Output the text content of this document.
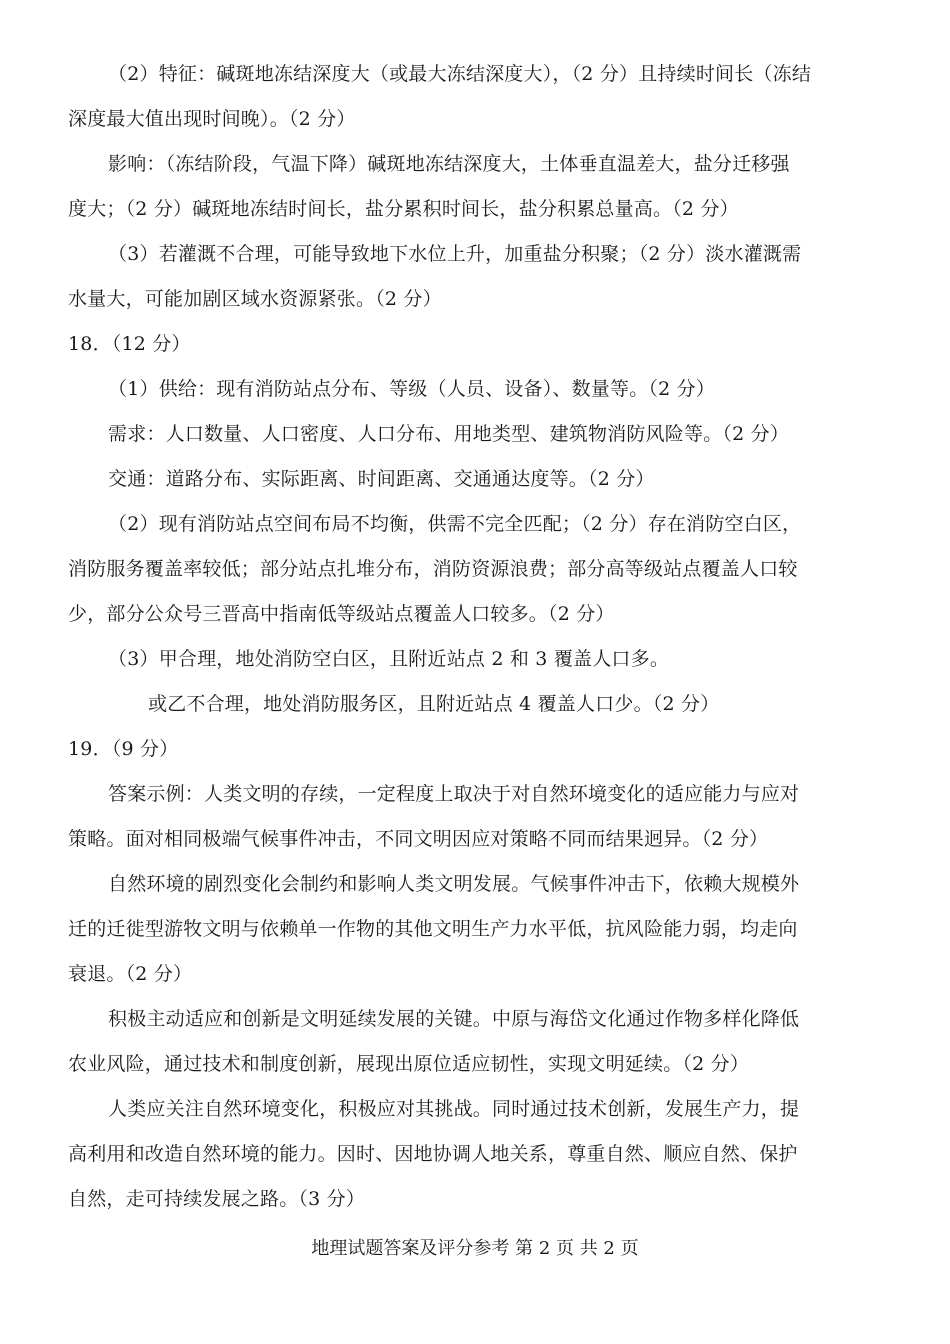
（2）特征：碱斑地冻结深度大（或最大冻结深度大），（2 分）且持续时间长（冻结
深度最大值出现时间晚）。（2 分）
影响：（冻结阶段，气温下降）碱斑地冻结深度大，土体垂直温差大，盐分迁移强
度大；（2 分）碱斑地冻结时间长，盐分累积时间长，盐分积累总量高。（2 分）
（3）若灌溉不合理，可能导致地下水位上升，加重盐分积聚；（2 分）淡水灌溉需
水量大，可能加剧区域水资源紧张。（2 分）
18．（12 分）
（1）供给：现有消防站点分布、等级（人员、设备）、数量等。（2 分）
需求：人口数量、人口密度、人口分布、用地类型、建筑物消防风险等。（2 分）
交通：道路分布、实际距离、时间距离、交通通达度等。（2 分）
（2）现有消防站点空间布局不均衡，供需不完全匹配；（2 分）存在消防空白区，
消防服务覆盖率较低；部分站点扎堆分布，消防资源浪费；部分高等级站点覆盖人口较
少，部分公众号三晋高中指南低等级站点覆盖人口较多。（2 分）
（3）甲合理，地处消防空白区，且附近站点 2 和 3 覆盖人口多。
或乙不合理，地处消防服务区，且附近站点 4 覆盖人口少。（2 分）
19．（9 分）
答案示例：人类文明的存续，一定程度上取决于对自然环境变化的适应能力与应对
策略。面对相同极端气候事件冲击，不同文明因应对策略不同而结果迥异。（2 分）
自然环境的剧烈变化会制约和影响人类文明发展。气候事件冲击下，依赖大规模外
迁的迁徙型游牧文明与依赖单一作物的其他文明生产力水平低，抗风险能力弱，均走向
衰退。（2 分）
积极主动适应和创新是文明延续发展的关键。中原与海岱文化通过作物多样化降低
农业风险，通过技术和制度创新，展现出原位适应韧性，实现文明延续。（2 分）
人类应关注自然环境变化，积极应对其挑战。同时通过技术创新，发展生产力，提
高利用和改造自然环境的能力。因时、因地协调人地关系，尊重自然、顺应自然、保护
自然，走可持续发展之路。（3 分）
地理试题答案及评分参考 第 2 页 共 2 页
